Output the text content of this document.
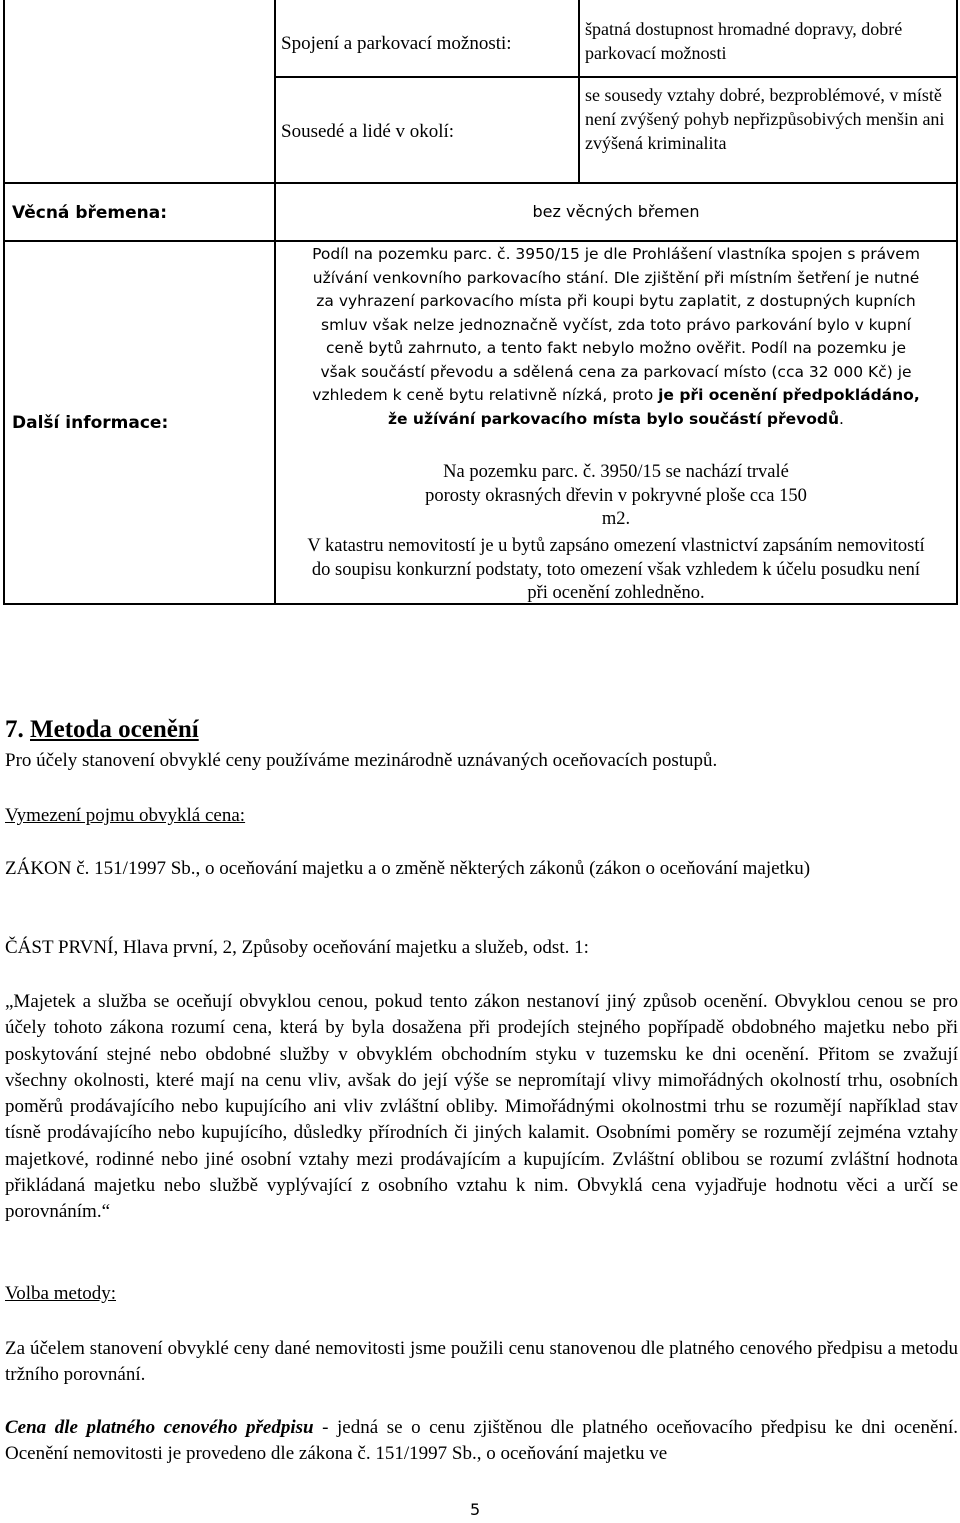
Spojení a parkovací možnosti:
špatná dostupnost hromadné dopravy, dobré parkovací možnosti
Sousedé a lidé v okolí:
se sousedy vztahy dobré, bezproblémové, v místě není zvýšený pohyb nepřizpůsobivých menšin ani zvýšená kriminalita
Věcná břemena:	bez věcných břemen
Další informace:
Podíl na pozemku parc. č. 3950/15 je dle Prohlášení vlastníka spojen s právem
užívání venkovního parkovacího stání. Dle zjištění při místním šetření je nutné
za vyhrazení parkovacího místa při koupi bytu zaplatit, z dostupných kupních
smluv však nelze jednoznačně vyčíst, zda toto právo parkování bylo v kupní
ceně bytů zahrnuto, a tento fakt nebylo možno ověřit. Podíl na pozemku je
však součástí převodu a sdělená cena za parkovací místo (cca 32 000 Kč) je
vzhledem k ceně bytu relativně nízká, proto je při ocenění předpokládáno,
že užívání parkovacího místa bylo součástí převodů.
Na pozemku parc. č. 3950/15 se nachází trvalé porosty okrasných dřevin v pokryvné ploše cca 150 m2.
V katastru nemovitostí je u bytů zapsáno omezení vlastnictví zapsáním nemovitostí do soupisu konkurzní podstaty, toto omezení však vzhledem k účelu posudku není při ocenění zohledněno.
7. Metoda ocenění
Pro účely stanovení obvyklé ceny používáme mezinárodně uznávaných oceňovacích postupů.
Vymezení pojmu obvyklá cena:
ZÁKON č. 151/1997 Sb., o oceňování majetku a o změně některých zákonů (zákon o oceňování majetku)
ČÁST PRVNÍ, Hlava první, 2, Způsoby oceňování majetku a služeb, odst. 1:
„Majetek a služba se oceňují obvyklou cenou, pokud tento zákon nestanoví jiný způsob ocenění. Obvyklou cenou se pro účely tohoto zákona rozumí cena, která by byla dosažena při prodejích stejného popřípadě obdobného majetku nebo při poskytování stejné nebo obdobné služby v obvyklém obchodním styku v tuzemsku ke dni ocenění. Přitom se zvažují všechny okolnosti, které mají na cenu vliv, avšak do její výše se nepromítají vlivy mimořádných okolností trhu, osobních poměrů prodávajícího nebo kupujícího ani vliv zvláštní obliby. Mimořádnými okolnostmi trhu se rozumějí například stav tísně prodávajícího nebo kupujícího, důsledky přírodních či jiných kalamit. Osobními poměry se rozumějí zejména vztahy majetkové, rodinné nebo jiné osobní vztahy mezi prodávajícím a kupujícím. Zvláštní oblibou se rozumí zvláštní hodnota přikládaná majetku nebo službě vyplývající z osobního vztahu k nim. Obvyklá cena vyjadřuje hodnotu věci a určí se porovnáním.“
Volba metody:
Za účelem stanovení obvyklé ceny dané nemovitosti jsme použili cenu stanovenou dle platného cenového předpisu a metodu tržního porovnání.
Cena dle platného cenového předpisu - jedná se o cenu zjištěnou dle platného oceňovacího předpisu ke dni ocenění. Ocenění nemovitosti je provedeno dle zákona č. 151/1997 Sb., o oceňování majetku ve
5
